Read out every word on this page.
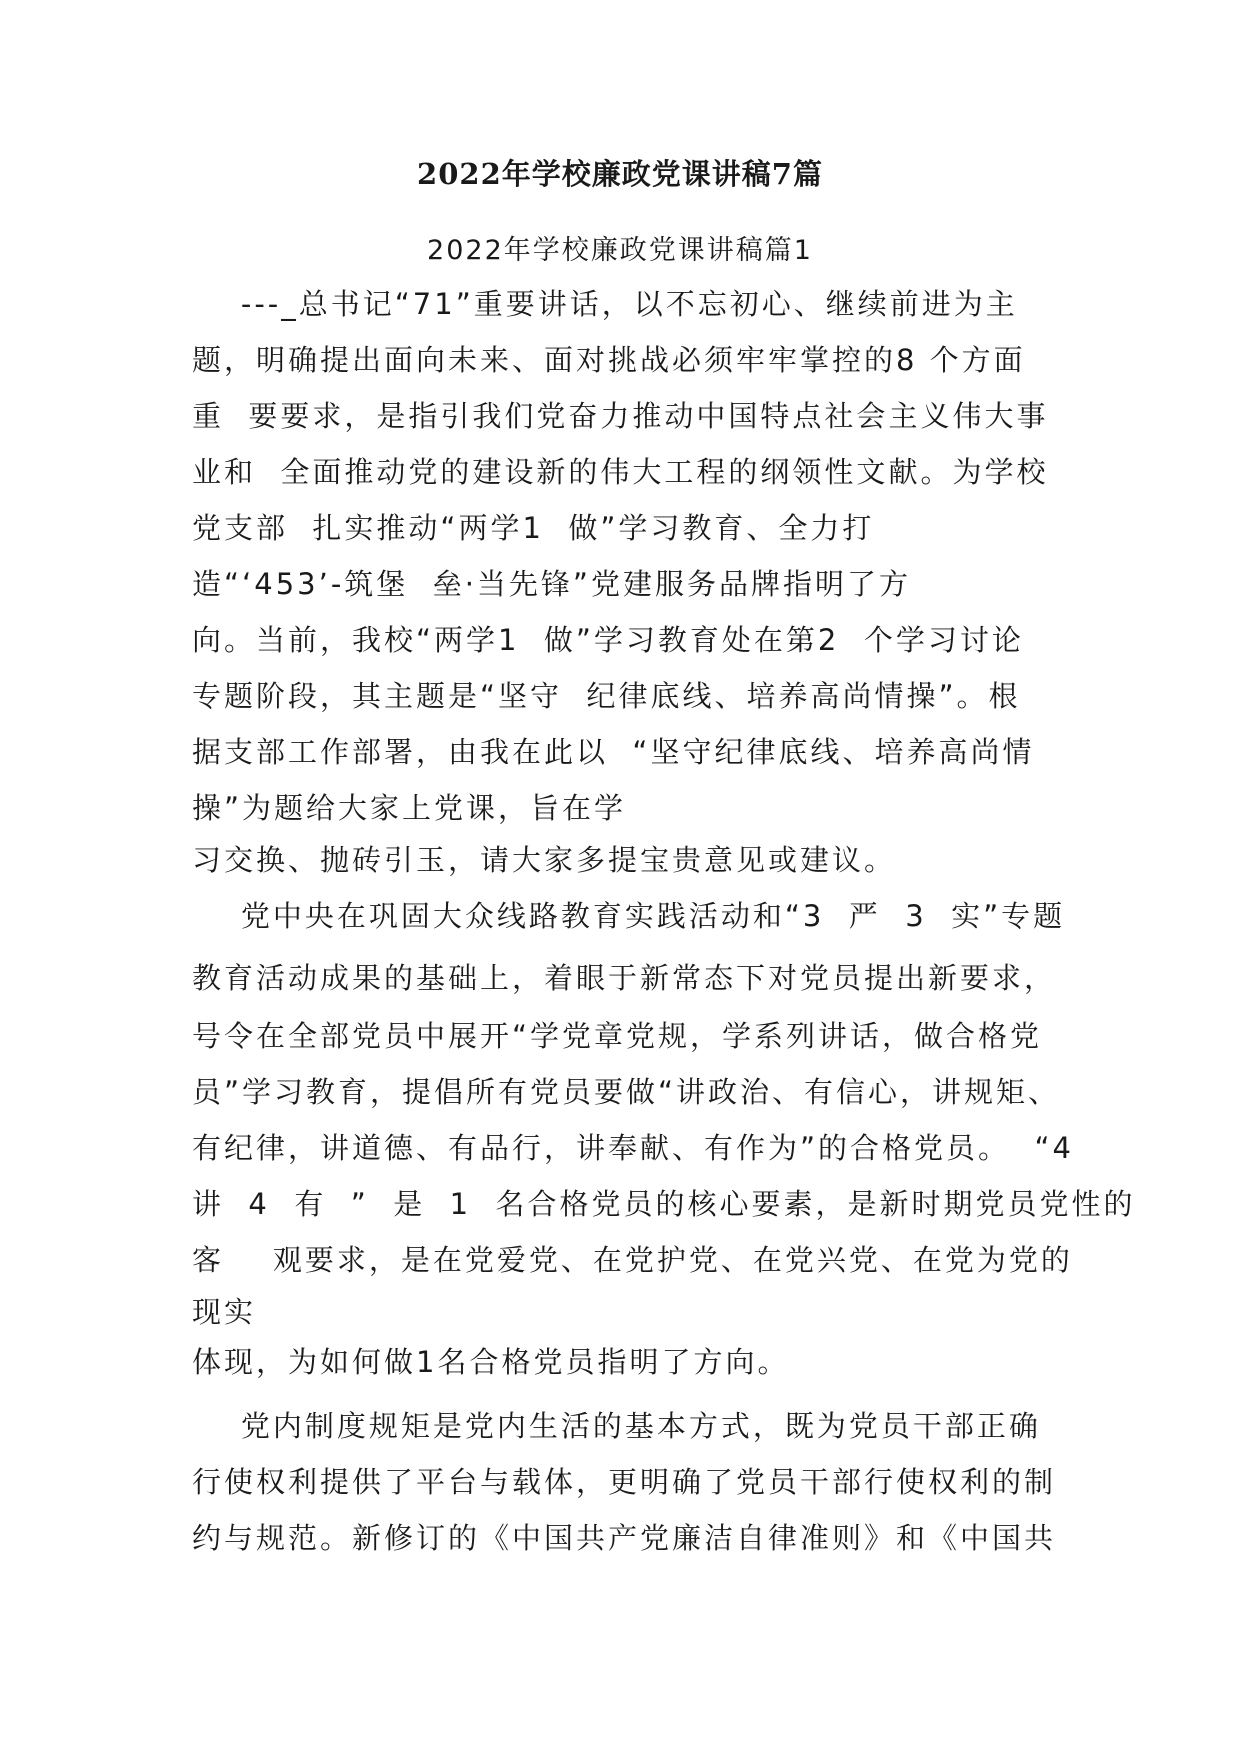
2022年学校廉政党课讲稿7篇
2022年学校廉政党课讲稿篇1
---_总书记“71”重要讲话，以不忘初心、继续前进为主
题，明确提出面向未来、面对挑战必须牢牢掌控的8 个方面
重  要要求，是指引我们党奋力推动中国特点社会主义伟大事
业和  全面推动党的建设新的伟大工程的纲领性文献。为学校
党支部  扎实推动“两学1  做”学习教育、全力打
造“‘453’-筑堡  垒·当先锋”党建服务品牌指明了方
向。当前，我校“两学1  做”学习教育处在第2  个学习讨论
专题阶段，其主题是“坚守  纪律底线、培养高尚情操”。根
据支部工作部署，由我在此以  “坚守纪律底线、培养高尚情
操”为题给大家上党课，旨在学
习交换、抛砖引玉，请大家多提宝贵意见或建议。
党中央在巩固大众线路教育实践活动和“3  严  3  实”专题
教育活动成果的基础上，着眼于新常态下对党员提出新要求，
号令在全部党员中展开“学党章党规，学系列讲话，做合格党
员”学习教育，提倡所有党员要做“讲政治、有信心，讲规矩、
有纪律，讲道德、有品行，讲奉献、有作为”的合格党员。  “4
讲  4  有  ”  是  1  名合格党员的核心要素，是新时期党员党性的
客    观要求，是在党爱党、在党护党、在党兴党、在党为党的
现实
体现，为如何做1名合格党员指明了方向。
党内制度规矩是党内生活的基本方式，既为党员干部正确
行使权利提供了平台与载体，更明确了党员干部行使权利的制
约与规范。新修订的《中国共产党廉洁自律准则》和《中国共
